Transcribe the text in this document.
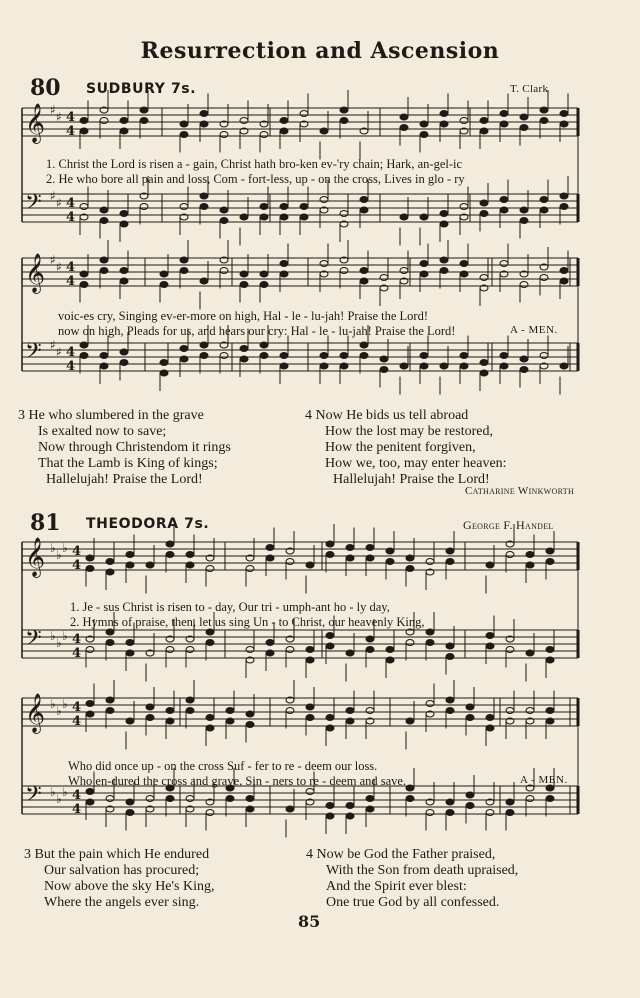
Resurrection and Ascension
80 SUDBURY 7s.	T. Clark
𝄞 ♯ ♯ 4
4
𝄢 ♯ ♯ 4
4
𝄞 ♯ ♯ 4
4
𝄢 ♯ ♯ 4
4
𝄞 ♭ ♭ ♭ 4
4
𝄢 ♭ ♭ ♭ 4
4
𝄞 ♭ ♭ ♭ 4
4
𝄢 ♭ ♭ ♭ 4
4
1. Christ the Lord is risen a - gain, Christ hath bro-ken ev-'ry chain; Hark, an-gel-ic
2. He who bore all pain and loss, Com - fort-less, up - on the cross, Lives in glo - ry
voic-es cry, Singing ev-er-more on high, Hal - le - lu-jah! Praise the Lord!
now on high, Pleads for us, and hears our cry: Hal - le - lu-jah! Praise the Lord!	A - MEN.
3 He who slumbered in the grave
Is exalted now to save;
Now through Christendom it rings
That the Lamb is King of kings;
Hallelujah! Praise the Lord!
4 Now He bids us tell abroad
How the lost may be restored,
How the penitent forgiven,
How we, too, may enter heaven:
Hallelujah! Praise the Lord!
Catharine Winkworth
81 THEODORA 7s.	George F. Handel
1. Je - sus Christ is risen to - day, Our tri - umph-ant ho - ly day,
2. Hymns of praise, then, let us sing Un - to Christ, our heavenly King,
Who did once up - on the cross Suf - fer to re - deem our loss.
Who en-dured the cross and grave, Sin - ners to re - deem and save.	A - MEN.
3 But the pain which He endured
Our salvation has procured;
Now above the sky He's King,
Where the angels ever sing.
4 Now be God the Father praised,
With the Son from death upraised,
And the Spirit ever blest:
One true God by all confessed.
85
